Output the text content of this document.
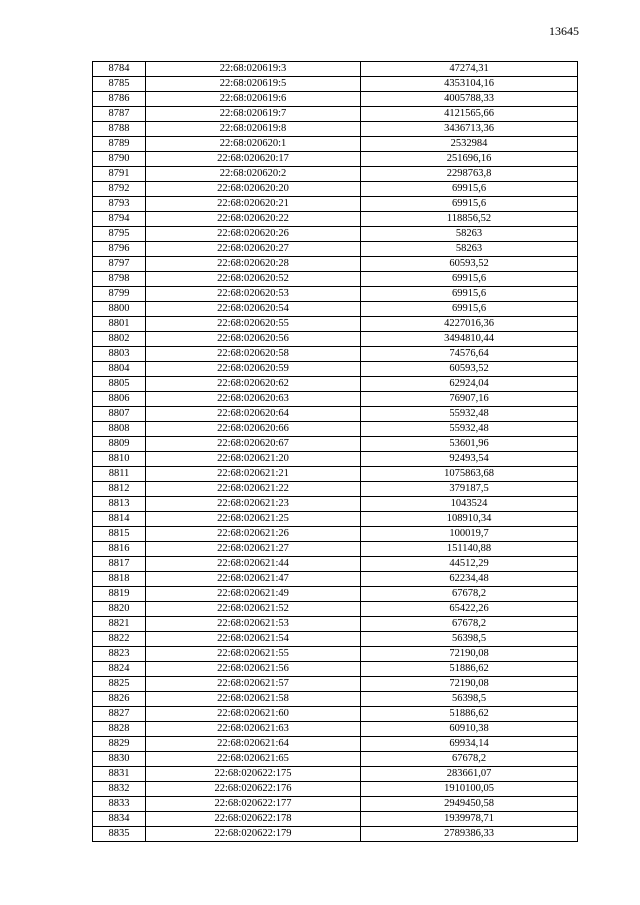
13645
8784	22:68:020619:3	47274,31
8785	22:68:020619:5	4353104,16
8786	22:68:020619:6	4005788,33
8787	22:68:020619:7	4121565,66
8788	22:68:020619:8	3436713,36
8789	22:68:020620:1	2532984
8790	22:68:020620:17	251696,16
8791	22:68:020620:2	2298763,8
8792	22:68:020620:20	69915,6
8793	22:68:020620:21	69915,6
8794	22:68:020620:22	118856,52
8795	22:68:020620:26	58263
8796	22:68:020620:27	58263
8797	22:68:020620:28	60593,52
8798	22:68:020620:52	69915,6
8799	22:68:020620:53	69915,6
8800	22:68:020620:54	69915,6
8801	22:68:020620:55	4227016,36
8802	22:68:020620:56	3494810,44
8803	22:68:020620:58	74576,64
8804	22:68:020620:59	60593,52
8805	22:68:020620:62	62924,04
8806	22:68:020620:63	76907,16
8807	22:68:020620:64	55932,48
8808	22:68:020620:66	55932,48
8809	22:68:020620:67	53601,96
8810	22:68:020621:20	92493,54
8811	22:68:020621:21	1075863,68
8812	22:68:020621:22	379187,5
8813	22:68:020621:23	1043524
8814	22:68:020621:25	108910,34
8815	22:68:020621:26	100019,7
8816	22:68:020621:27	151140,88
8817	22:68:020621:44	44512,29
8818	22:68:020621:47	62234,48
8819	22:68:020621:49	67678,2
8820	22:68:020621:52	65422,26
8821	22:68:020621:53	67678,2
8822	22:68:020621:54	56398,5
8823	22:68:020621:55	72190,08
8824	22:68:020621:56	51886,62
8825	22:68:020621:57	72190,08
8826	22:68:020621:58	56398,5
8827	22:68:020621:60	51886,62
8828	22:68:020621:63	60910,38
8829	22:68:020621:64	69934,14
8830	22:68:020621:65	67678,2
8831	22:68:020622:175	283661,07
8832	22:68:020622:176	1910100,05
8833	22:68:020622:177	2949450,58
8834	22:68:020622:178	1939978,71
8835	22:68:020622:179	2789386,33
